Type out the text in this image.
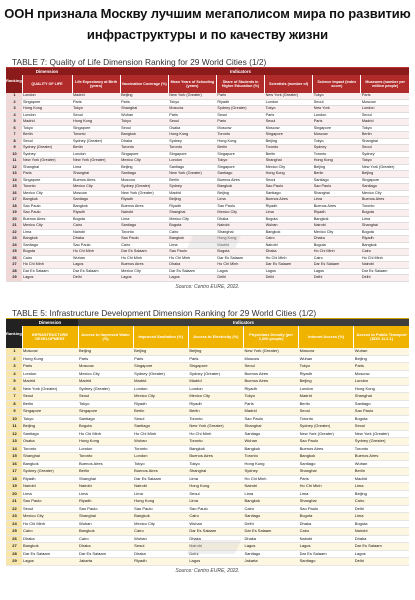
ООН признала Москву лучшим мегаполисом мира по развитию инфраструктуры и по качеству жизни
TABLE 7: Quality of Life Dimension Ranking for 29 World Cities (1/2)
Ranking	Dimension	Indicators						
	QUALITY OF LIFE	Life Expectancy at Birth (years)	Vaccination Coverage (%)	Mean Years of Schooling (years)	Share of Students in Higher Education (%)	Scientists (number of)	Science impact (index score)	Museums (number per million people)
1	London	Madrid	Beijing	New York (Greater)	Paris	New York (Greater)	Tokyo	Paris
2	Singapore	Paris	Paris	Tokyo	Riyadh	London	Seoul	Moscow
3	Hong Kong	Tokyo	Shanghai	Moscow	Sydney (Greater)	Tokyo	New York	London
4	London	Seoul	Wuhan	Paris	Seoul	Paris	London	Seoul
5	Madrid	Hong Kong	Tokyo	Seoul	Paris	Seoul	Paris	Madrid
6	Tokyo	Singapore	Seoul	Osaka	Moscow	Moscow	Singapore	Tokyo
7	Berlin	Toronto	Bangkok	Hong Kong	Toronto	Singapore	Moscow	Berlin
8	Seoul	Sydney (Greater)	Dhaka	Sydney	Hong Kong	Beijing	Tokyo	Shanghai
9	Sydney (Greater)	Berlin	Toronto	Toronto	Berlin	Toronto	Sydney	Seoul
10	Sydney	London	Singapore	Singapore	Singapore	Berlin	Toronto	Sydney
11	New York (Greater)	New York (Greater)	Mexico City	London	Tokyo	Shanghai	Hong Kong	Tokyo
12	Shanghai	Lima	Beijing	Santiago	Singapore	Mexico City	Beijing	New York (Greater)
13	Paris	Shanghai	Santiago	New York (Greater)	Santiago	Hong Kong	Berlin	Beijing
14	Singapore	Buenos Aires	Moscow	Berlin	Buenos Aires	Seoul	Santiago	Singapore
15	Toronto	Mexico City	Sydney (Greater)	Sydney	Bangkok	Sao Paulo	Sao Paulo	Santiago
16	Mexico City	Moscow	New York (Greater)	Madrid	Beijing	Santiago	Shanghai	Mexico City
17	Bangkok	Santiago	Riyadh	Beijing	Lima	Buenos Aires	Lima	Buenos Aires
18	Sao Paulo	Bangkok	Buenos Aires	Riyadh	Sao Paulo	Riyadh	Buenos Aires	Toronto
19	Sao Paulo	Riyadh	Nairobi	Shanghai	Mexico City	Lima	Riyadh	Bogota
20	Buenos Aires	Bogota	Lima	Mexico City	Dhaka	Bogota	Bangkok	Lima
21	Mexico City	Cairo	Santiago	Bogota	Nairobi	Wuhan	Nairobi	Shanghai
22	Lima	Nairobi	Toronto	Cairo	Shanghai	Bangkok	Mexico City	Bogota
23	Bangkok	Dhaka	Sao Paulo	Bangkok	Hong Kong	Cairo	Dhaka	Riyadh
24	Santiago	Sao Paulo	Cairo	Lima	Madrid	Nairobi	Bogota	Bangkok
25	Bogota	Ho Chi Minh	Dar Es Salaam	Sao Paulo	Bogota	Dhaka	Ho Chi Minh	Cairo
26	Cairo	Wuhan	Ho Chi Minh	Ho Chi Minh	Dar Es Salaam	Ho Chi Minh	Cairo	Ho Chi Minh
27	Ho Chi Minh	Lagos	Buenos Aires	Dhaka	Ho Chi Minh	Dar Es Salaam	Dar Es Salaam	Nairobi
28	Dar Es Salaam	Dar Es Salaam	Mexico City	Dar Es Salaam	Lagos	Lagos	Lagos	Dar Es Salaam
29	Lagos	Delhi	Lagos	Lagos	Delhi	Delhi	Delhi	Delhi
Source: Centro EURE, 2022.
TABLE 5: Infrastructure Development Dimension Ranking for 29 World Cities (1/2)
Ranking	Dimension	Indicators					
	INFRASTRUCTURE DEVELOPMENT	Access to Improved Water (%)	Improved Sanitation (%)	Access to Electricity (%)	Physicians Density (per 1,000 people)	Internet Access (%)	Access to Public Transport (SDG 11.2.1)
1	Moscow	Beijing	Beijing	Beijing	New York (Greater)	Moscow	Wuhan
2	Hong Kong	Paris	Paris	Paris	Moscow	Wuhan	Beijing
3	Paris	Moscow	Singapore	Singapore	Seoul	Tokyo	Paris
4	London	Mexico City	Sydney (Greater)	Sydney (Greater)	Buenos Aires	Riyadh	Moscow
5	Madrid	Madrid	Madrid	Madrid	Buenos Aires	Beijing	London
6	New York (Greater)	Sydney (Greater)	London	London	Riyadh	London	Hong Kong
7	Seoul	Seoul	Mexico City	Mexico City	Tokyo	Madrid	Shanghai
8	Berlin	Tokyo	Riyadh	Riyadh	Paris	Berlin	Santiago
9	Singapore	Singapore	Berlin	Berlin	Madrid	Seoul	Sao Paulo
10	Tokyo	Santiago	Seoul	Toronto	Sao Paulo	Toronto	Bogota
11	Beijing	Bogota	Santiago	New York (Greater)	Shanghai	Sydney (Greater)	Seoul
12	Santiago	Ho Chi Minh	Ho Chi Minh	Ho Chi Minh	Santiago	New York (Greater)	New York (Greater)
13	Osaka	Hong Kong	Wuhan	Toronto	Wuhan	Sao Paulo	Sydney (Greater)
14	Toronto	London	Toronto	Bangkok	Bangkok	Buenos Aires	Toronto
15	Shanghai	Toronto	London	Buenos Aires	Toronto	Bangkok	Buenos Aires
16	Bangkok	Buenos Aires	Tokyo	Tokyo	Hong Kong	Santiago	Wuhan
17	Sydney (Greater)	Berlin	Buenos Aires	Shanghai	Sydney	Shanghai	Berlin
18	Riyadh	Shanghai	Dar Es Salaam	Lima	Ho Chi Minh	Paris	Madrid
19	Nairobi	Nairobi	Nairobi	Hong Kong	Nairobi	Ho Chi Minh	Lima
20	Lima	Lima	Lima	Seoul	Lima	Lima	Beijing
21	Sao Paulo	Riyadh	Hong Kong	Lima	Bangkok	Shanghai	Cairo
22	Seoul	Sao Paulo	Sao Paulo	Sao Paulo	Cairo	Sao Paulo	Delhi
23	Mexico City	Shanghai	Bangkok	Cairo	Santiago	Bogota	Lima
24	Ho Chi Minh	Wuhan	Mexico City	Wuhan	Delhi	Dhaka	Bogota
25	Cairo	Bangkok	Cairo	Dar Es Salaam	Dar Es Salaam	Cairo	Nairobi
26	Dhaka	Cairo	Wuhan	Dhaka	Dhaka	Nairobi	Dhaka
27	Bangkok	Dhaka	Seoul	Nairobi	Lagos	Lagos	Dar Es Salaam
28	Dar Es Salaam	Dar Es Salaam	Dhaka	Delhi	Santiago	Dar Es Salaam	Lagos
29	Lagos	Jakarta	Riyadh	Lagos	Jakarta	Santiago	Delhi
Source: Centro EURE, 2022.
